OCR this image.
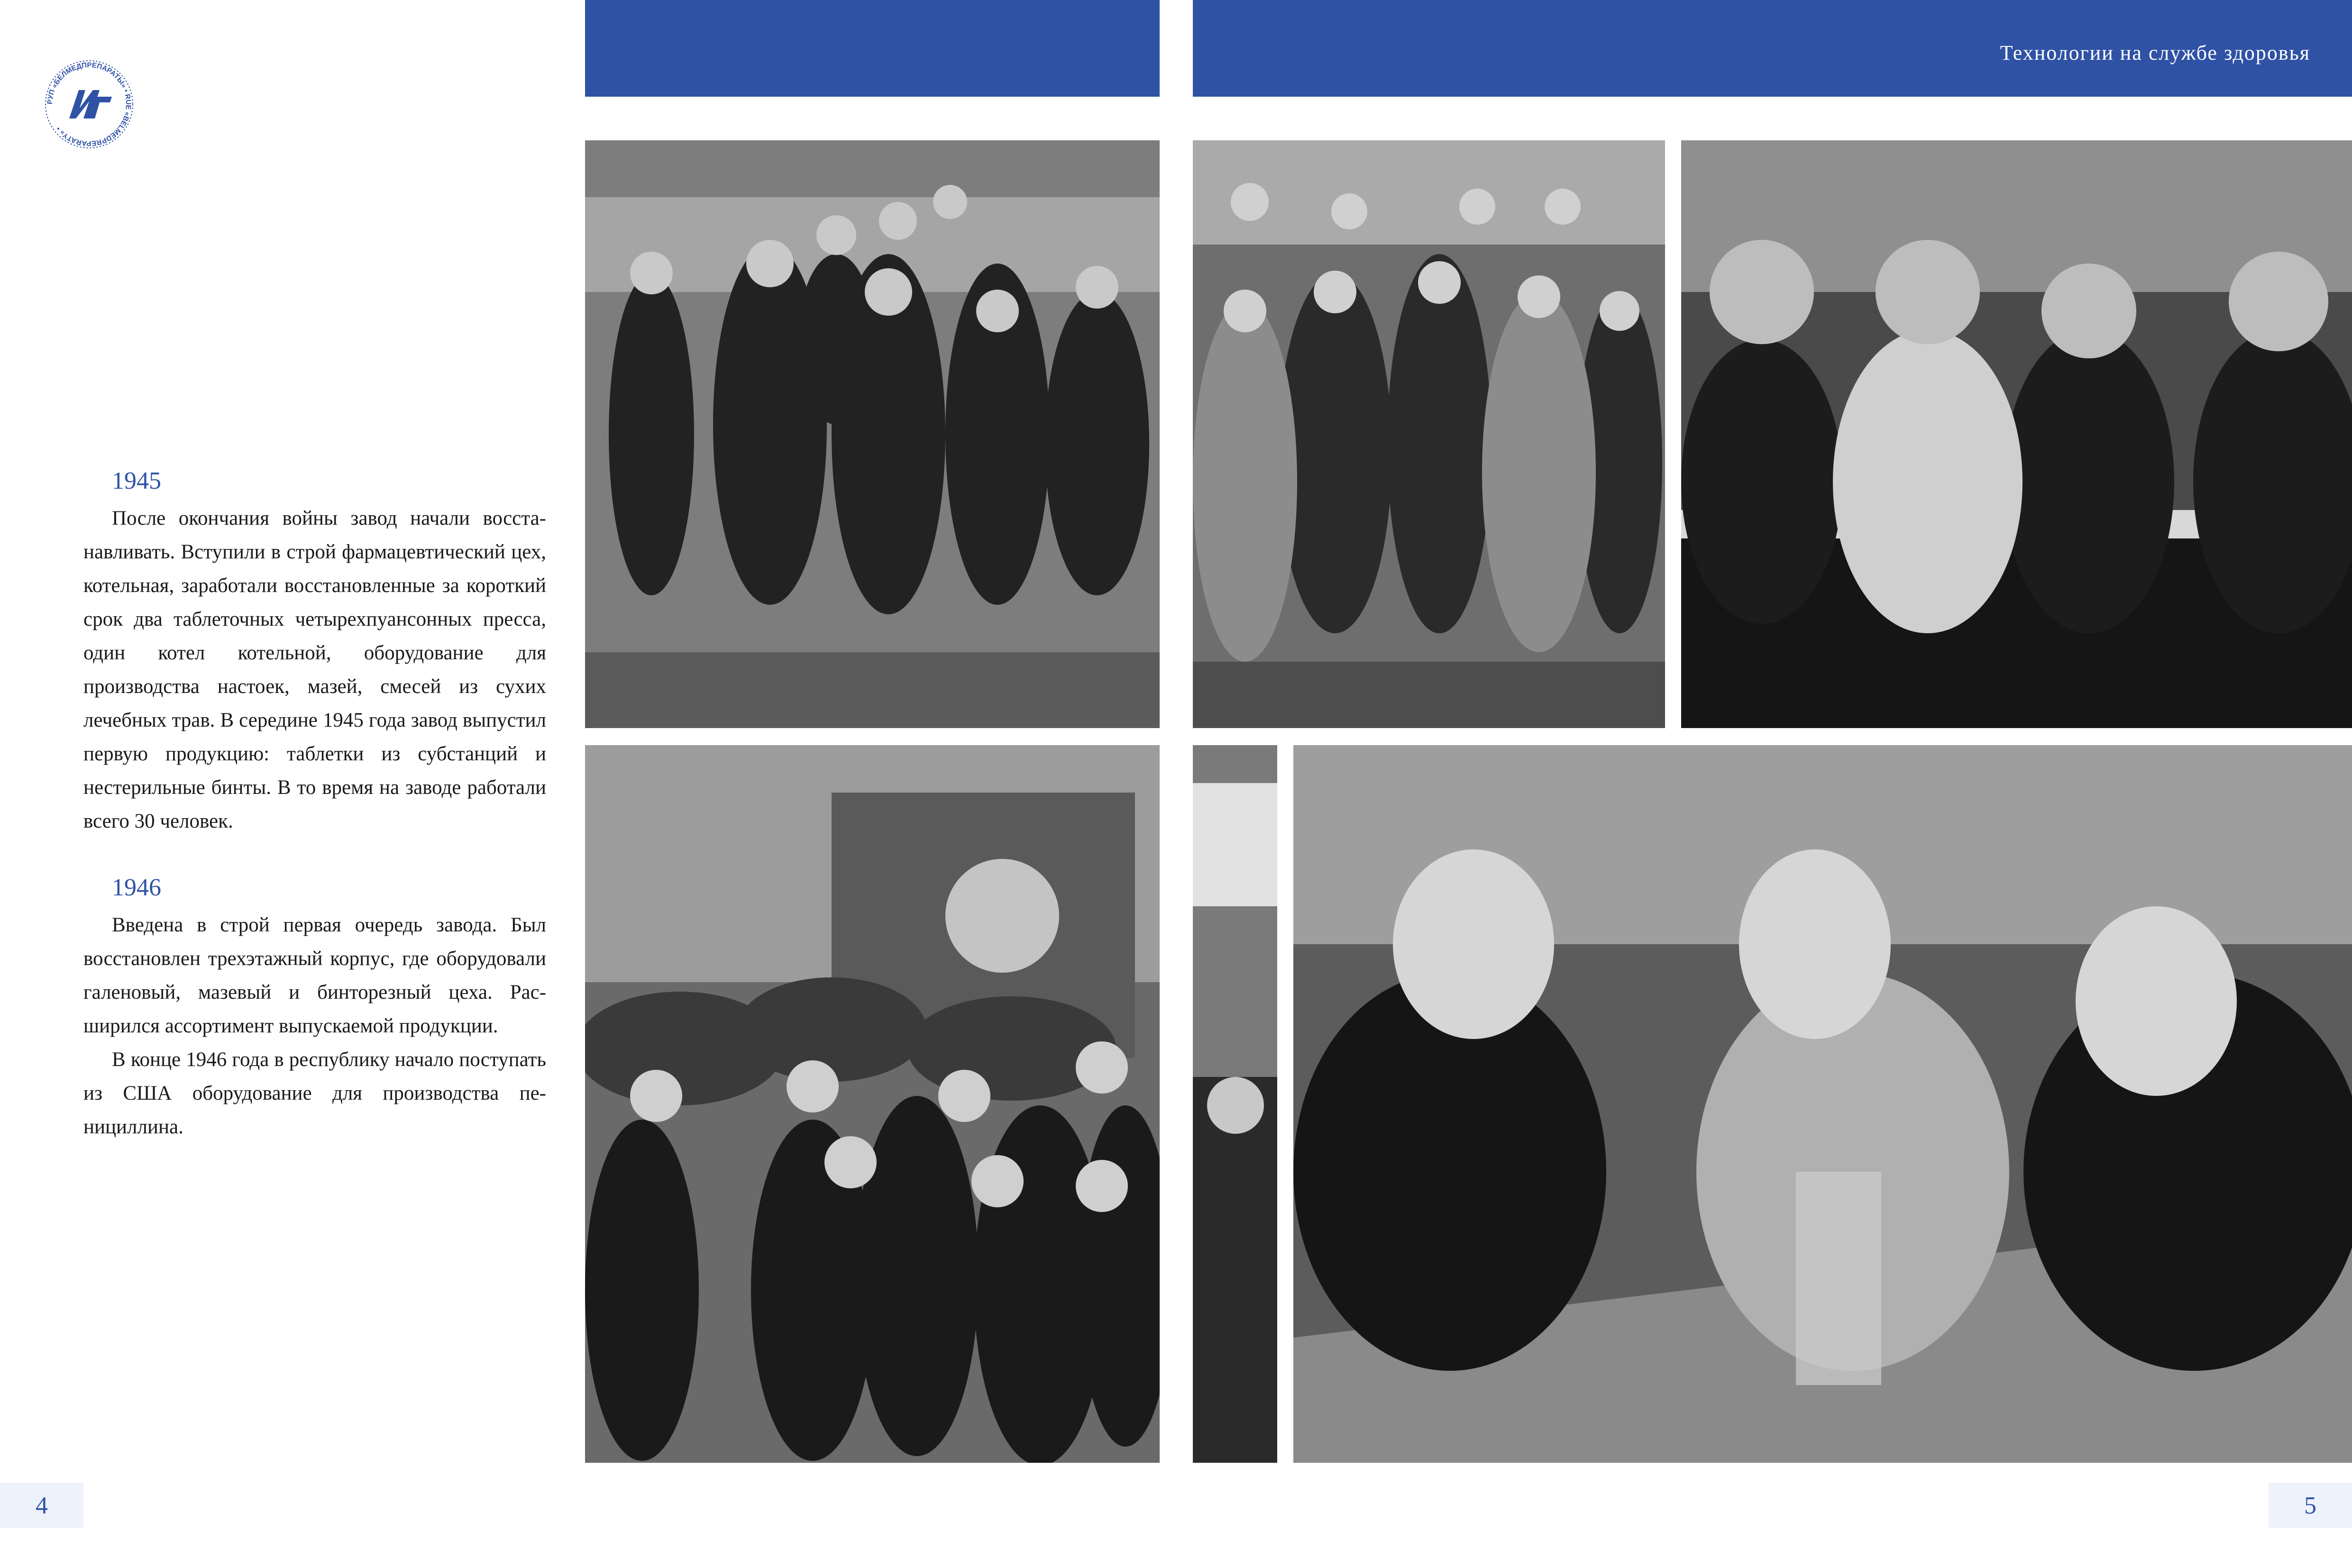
РУП «БЕЛМЕДПРЕПАРАТЫ» • RUE «BELMEDPREPARATY» •
Технологии на службе здоровья
1945

После окончания войны завод начали восстанавливать. Вступили в строй фармацевтический цех, котельная, заработали восстановленные за короткий срок два таблеточных четырехпуансонных пресса, один котел котельной, оборудование для производства настоек, мазей, смесей из сухих лечебных трав. В середине 1945 года завод выпустил первую продукцию: таблетки из субстанций и нестерильные бинты. В то время на заводе работали всего 30 человек.

1946

Введена в строй первая очередь завода. Был восстановлен трехэтажный корпус, где оборудовали галеновый, мазевый и бинторезный цеха. Расширился ассортимент выпускаемой продукции.

В конце 1946 года в республику начало поступать из США оборудование для производства пенициллина.

4	5
